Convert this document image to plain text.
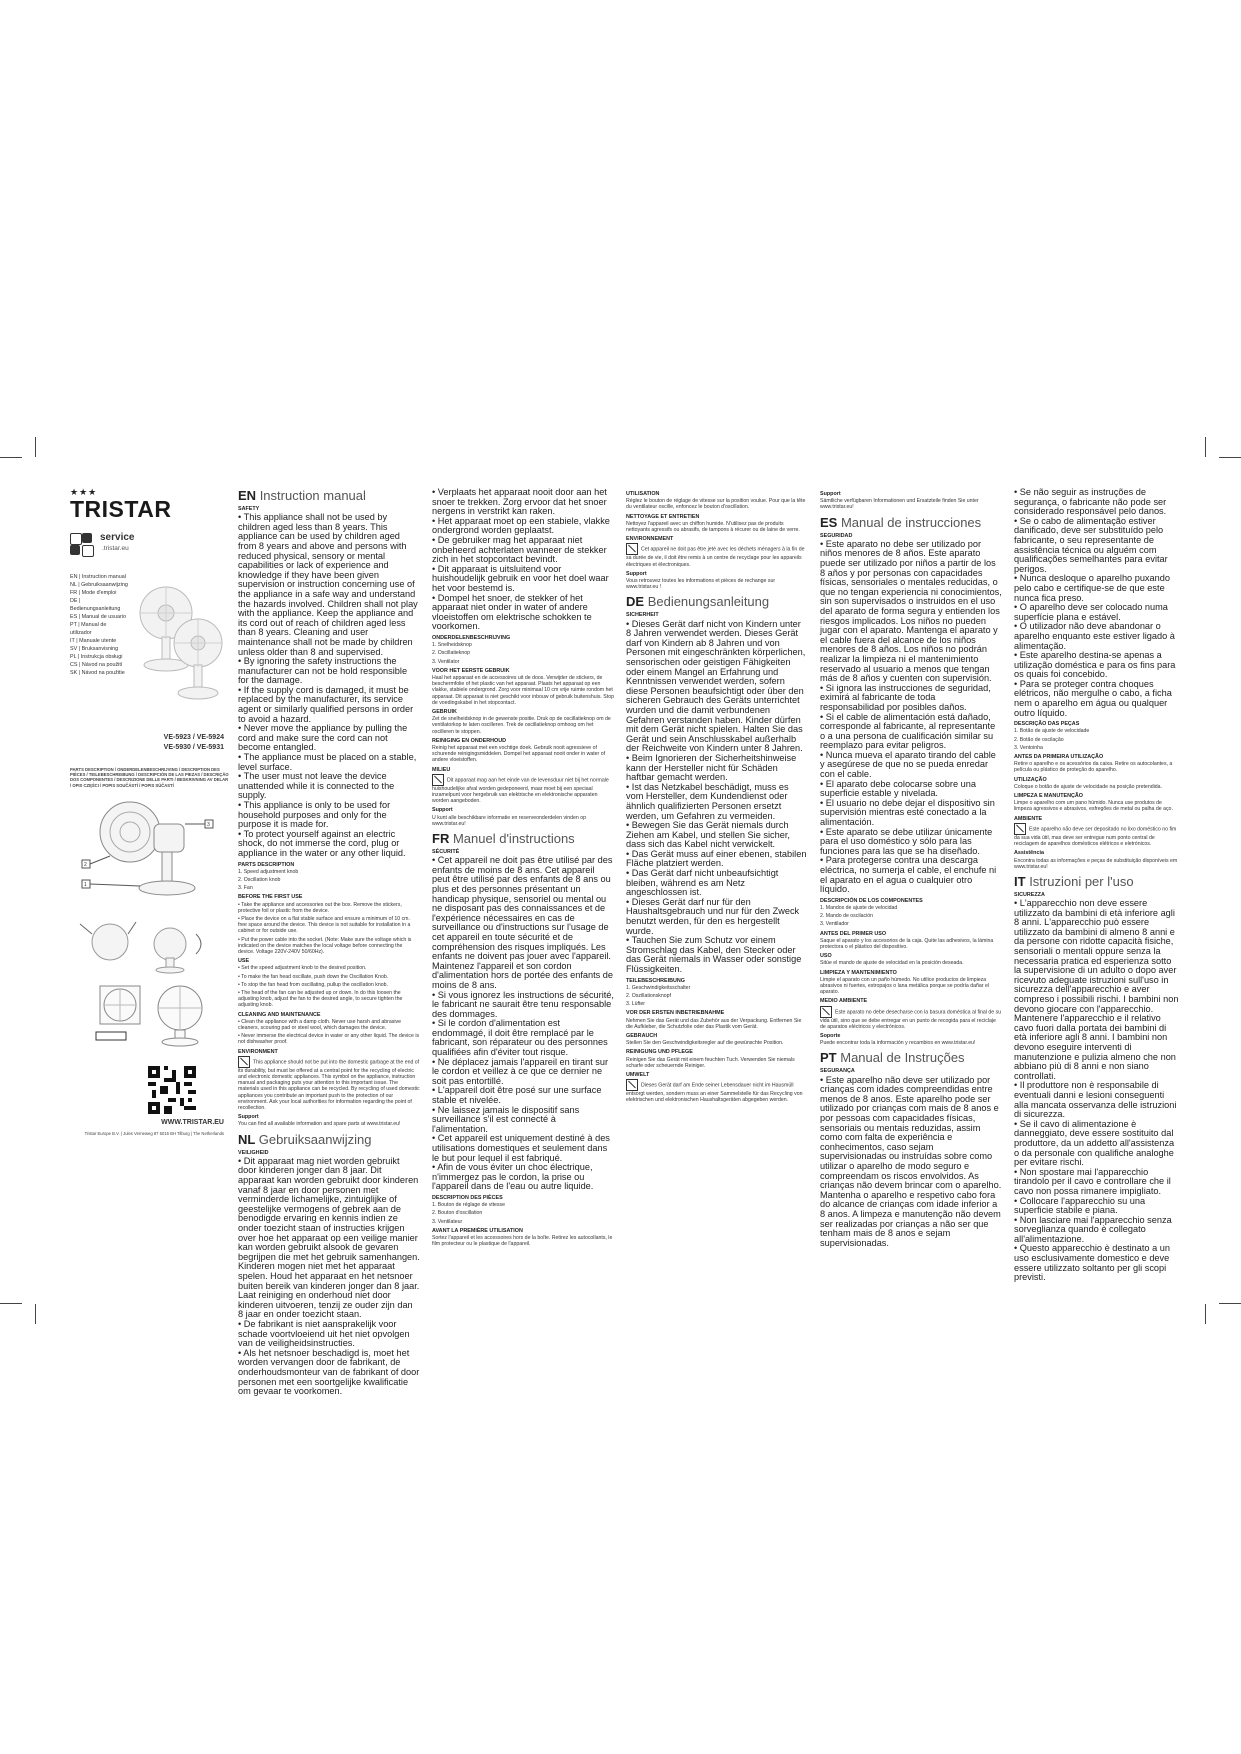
★★★
TRISTAR
service
.tristar.eu
EN | Instruction manual
NL | Gebruiksaanwijzing
FR | Mode d'emploi
DE | Bedienungsanleitung
ES | Manual de usuario
PT | Manual de utilizador
IT | Manuale utente
SV | Bruksanvisning
PL | Instrukcja obsługi
CS | Návod na použití
SK | Návod na použitie
VE-5923 / VE-5924
VE-5930 / VE-5931
PARTS DESCRIPTION / ONDERDELENBESCHRIJVING / DESCRIPTION DES PIÈCES / TEILEBESCHREIBUNG / DESCRIPCIÓN DE LAS PIEZAS / DESCRIÇÃO DOS COMPONENTES / DESCRIZIONE DELLE PARTI / BESKRIVNING AV DELAR / OPIS CZĘŚCI / POPIS SOUČÁSTÍ / POPIS SÚČASTÍ
3
2
1

WWW.TRISTAR.EU
Tristar Europe B.V. | Jules Verneweg 87 5015 BH Tilburg | The Netherlands
EN Instruction manual
SAFETY

• This appliance shall not be used by children aged less than 8 years. This appliance can be used by children aged from 8 years and above and persons with reduced physical, sensory or mental capabilities or lack of experience and knowledge if they have been given supervision or instruction concerning use of the appliance in a safe way and understand the hazards involved. Children shall not play with the appliance. Keep the appliance and its cord out of reach of children aged less than 8 years. Cleaning and user maintenance shall not be made by children unless older than 8 and supervised.

• By ignoring the safety instructions the manufacturer can not be hold responsible for the damage.

• If the supply cord is damaged, it must be replaced by the manufacturer, its service agent or similarly qualified persons in order to avoid a hazard.

• Never move the appliance by pulling the cord and make sure the cord can not become entangled.

• The appliance must be placed on a stable, level surface.

• The user must not leave the device unattended while it is connected to the supply.

• This appliance is only to be used for household purposes and only for the purpose it is made for.

• To protect yourself against an electric shock, do not immerse the cord, plug or appliance in the water or any other liquid.

PARTS DESCRIPTION

1. Speed adjustment knob

2. Oscillation knob

3. Fan

BEFORE THE FIRST USE

• Take the appliance and accessories out the box. Remove the stickers, protective foil or plastic from the device.

• Place the device on a flat stable surface and ensure a minimum of 10 cm. free space around the device. This device is not suitable for installation in a cabinet or for outside use.

• Put the power cable into the socket. (Note: Make sure the voltage which is indicated on the device matches the local voltage before connecting the device. Voltage 220V-240V 50/60Hz).

USE

• Set the speed adjustment knob to the desired position.

• To make the fan head oscillate, push down the Oscillation Knob.

• To stop the fan head from oscillating, pullup the oscillation knob.

• The head of the fan can be adjusted up or down. In do this loosen the adjusting knob, adjust the fan to the desired angle, to secure tighten the adjusting knob.

CLEANING AND MAINTENANCE

• Clean the appliance with a damp cloth. Never use harsh and abrasive cleaners, scouring pad or steel wool, which damages the device.

• Never immerse the electrical device in water or any other liquid. The device is not dishwasher proof.

ENVIRONMENT

This appliance should not be put into the domestic garbage at the end of its durability, but must be offered at a central point for the recycling of electric and electronic domestic appliances. This symbol on the appliance, instruction manual and packaging puts your attention to this important issue. The materials used in this appliance can be recycled. By recycling of used domestic appliances you contribute an important push to the protection of our environment. Ask your local authorities for information regarding the point of recollection.

Support

You can find all available information and spare parts at www.tristar.eu!

NL Gebruiksaanwijzing
VEILIGHEID

• Dit apparaat mag niet worden gebruikt door kinderen jonger dan 8 jaar. Dit apparaat kan worden gebruikt door kinderen vanaf 8 jaar en door personen met verminderde lichamelijke, zintuiglijke of geestelijke vermogens of gebrek aan de benodigde ervaring en kennis indien ze onder toezicht staan of instructies krijgen over hoe het apparaat op een veilige manier kan worden gebruikt alsook de gevaren begrijpen die met het gebruik samenhangen. Kinderen mogen niet met het apparaat spelen. Houd het apparaat en het netsnoer buiten bereik van kinderen jonger dan 8 jaar. Laat reiniging en onderhoud niet door kinderen uitvoeren, tenzij ze ouder zijn dan 8 jaar en onder toezicht staan.

• De fabrikant is niet aansprakelijk voor schade voortvloeiend uit het niet opvolgen van de veiligheidsinstructies.

• Als het netsnoer beschadigd is, moet het worden vervangen door de fabrikant, de onderhoudsmonteur van de fabrikant of door personen met een soortgelijke kwalificatie om gevaar te voorkomen.

• Verplaats het apparaat nooit door aan het snoer te trekken. Zorg ervoor dat het snoer nergens in verstrikt kan raken.

• Het apparaat moet op een stabiele, vlakke ondergrond worden geplaatst.

• De gebruiker mag het apparaat niet onbeheerd achterlaten wanneer de stekker zich in het stopcontact bevindt.

• Dit apparaat is uitsluitend voor huishoudelijk gebruik en voor het doel waar het voor bestemd is.

• Dompel het snoer, de stekker of het apparaat niet onder in water of andere vloeistoffen om elektrische schokken te voorkomen.

ONDERDELENBESCHRIJVING

1. Snelheidsknop

2. Oscillatieknop

3. Ventilator

VOOR HET EERSTE GEBRUIK

Haal het apparaat en de accessoires uit de doos. Verwijder de stickers, de beschermfolie of het plastic van het apparaat. Plaats het apparaat op een vlakke, stabiele ondergrond. Zorg voor minimaal 10 cm vrije ruimte rondom het apparaat. Dit apparaat is niet geschikt voor inbouw of gebruik buitenshuis. Stop de voedingskabel in het stopcontact.

GEBRUIK

Zet de snelheidsknop in de gewenste positie. Druk op de oscillatieknop om de ventilatorkop te laten oscilleren. Trek de oscillatieknop omhoog om het oscilleren te stoppen.

REINIGING EN ONDERHOUD

Reinig het apparaat met een vochtige doek. Gebruik nooit agressieve of schurende reinigingsmiddelen. Dompel het apparaat nooit onder in water of andere vloeistoffen.

MILIEU

Dit apparaat mag aan het einde van de levensduur niet bij het normale huishoudelijke afval worden gedeponeerd, maar moet bij een speciaal inzamelpunt voor hergebruik van elektrische en elektronische apparaten worden aangeboden.

Support

U kunt alle beschikbare informatie en reserveonderdelen vinden op www.tristar.eu!

FR Manuel d'instructions
SÉCURITÉ

• Cet appareil ne doit pas être utilisé par des enfants de moins de 8 ans. Cet appareil peut être utilisé par des enfants de 8 ans ou plus et des personnes présentant un handicap physique, sensoriel ou mental ou ne disposant pas des connaissances et de l'expérience nécessaires en cas de surveillance ou d'instructions sur l'usage de cet appareil en toute sécurité et de compréhension des risques impliqués. Les enfants ne doivent pas jouer avec l'appareil. Maintenez l'appareil et son cordon d'alimentation hors de portée des enfants de moins de 8 ans.

• Si vous ignorez les instructions de sécurité, le fabricant ne saurait être tenu responsable des dommages.

• Si le cordon d'alimentation est endommagé, il doit être remplacé par le fabricant, son réparateur ou des personnes qualifiées afin d'éviter tout risque.

• Ne déplacez jamais l'appareil en tirant sur le cordon et veillez à ce que ce dernier ne soit pas entortillé.

• L'appareil doit être posé sur une surface stable et nivelée.

• Ne laissez jamais le dispositif sans surveillance s'il est connecté à l'alimentation.

• Cet appareil est uniquement destiné à des utilisations domestiques et seulement dans le but pour lequel il est fabriqué.

• Afin de vous éviter un choc électrique, n'immergez pas le cordon, la prise ou l'appareil dans de l'eau ou autre liquide.

DESCRIPTION DES PIÈCES

1. Bouton de réglage de vitesse

2. Bouton d'oscillation

3. Ventilateur

AVANT LA PREMIÈRE UTILISATION

Sortez l'appareil et les accessoires hors de la boîte. Retirez les autocollants, le film protecteur ou le plastique de l'appareil.

UTILISATION

Réglez le bouton de réglage de vitesse sur la position voulue. Pour que la tête du ventilateur oscille, enfoncez le bouton d'oscillation.

NETTOYAGE ET ENTRETIEN

Nettoyez l'appareil avec un chiffon humide. N'utilisez pas de produits nettoyants agressifs ou abrasifs, de tampons à récurer ou de laine de verre.

ENVIRONNEMENT

Cet appareil ne doit pas être jeté avec les déchets ménagers à la fin de sa durée de vie, il doit être remis à un centre de recyclage pour les appareils électriques et électroniques.

Support

Vous retrouvez toutes les informations et pièces de rechange sur www.tristar.eu !

DE Bedienungsanleitung
SICHERHEIT

• Dieses Gerät darf nicht von Kindern unter 8 Jahren verwendet werden. Dieses Gerät darf von Kindern ab 8 Jahren und von Personen mit eingeschränkten körperlichen, sensorischen oder geistigen Fähigkeiten oder einem Mangel an Erfahrung und Kenntnissen verwendet werden, sofern diese Personen beaufsichtigt oder über den sicheren Gebrauch des Geräts unterrichtet wurden und die damit verbundenen Gefahren verstanden haben. Kinder dürfen mit dem Gerät nicht spielen. Halten Sie das Gerät und sein Anschlusskabel außerhalb der Reichweite von Kindern unter 8 Jahren.

• Beim Ignorieren der Sicherheitshinweise kann der Hersteller nicht für Schäden haftbar gemacht werden.

• Ist das Netzkabel beschädigt, muss es vom Hersteller, dem Kundendienst oder ähnlich qualifizierten Personen ersetzt werden, um Gefahren zu vermeiden.

• Bewegen Sie das Gerät niemals durch Ziehen am Kabel, und stellen Sie sicher, dass sich das Kabel nicht verwickelt.

• Das Gerät muss auf einer ebenen, stabilen Fläche platziert werden.

• Das Gerät darf nicht unbeaufsichtigt bleiben, während es am Netz angeschlossen ist.

• Dieses Gerät darf nur für den Haushaltsgebrauch und nur für den Zweck benutzt werden, für den es hergestellt wurde.

• Tauchen Sie zum Schutz vor einem Stromschlag das Kabel, den Stecker oder das Gerät niemals in Wasser oder sonstige Flüssigkeiten.

TEILEBESCHREIBUNG

1. Geschwindigkeitsschalter

2. Oszillationsknopf

3. Lüfter

VOR DER ERSTEN INBETRIEBNAHME

Nehmen Sie das Gerät und das Zubehör aus der Verpackung. Entfernen Sie die Aufkleber, die Schutzfolie oder das Plastik vom Gerät.

GEBRAUCH

Stellen Sie den Geschwindigkeitsregler auf die gewünschte Position.

REINIGUNG UND PFLEGE

Reinigen Sie das Gerät mit einem feuchten Tuch. Verwenden Sie niemals scharfe oder scheuernde Reiniger.

UMWELT

Dieses Gerät darf am Ende seiner Lebensdauer nicht im Hausmüll entsorgt werden, sondern muss an einer Sammelstelle für das Recycling von elektrischen und elektronischen Haushaltsgeräten abgegeben werden.

Support

Sämtliche verfügbaren Informationen und Ersatzteile finden Sie unter www.tristar.eu!

ES Manual de instrucciones
SEGURIDAD

• Este aparato no debe ser utilizado por niños menores de 8 años. Este aparato puede ser utilizado por niños a partir de los 8 años y por personas con capacidades físicas, sensoriales o mentales reducidas, o que no tengan experiencia ni conocimientos, sin son supervisados o instruidos en el uso del aparato de forma segura y entienden los riesgos implicados. Los niños no pueden jugar con el aparato. Mantenga el aparato y el cable fuera del alcance de los niños menores de 8 años. Los niños no podrán realizar la limpieza ni el mantenimiento reservado al usuario a menos que tengan más de 8 años y cuenten con supervisión.

• Si ignora las instrucciones de seguridad, eximirá al fabricante de toda responsabilidad por posibles daños.

• Si el cable de alimentación está dañado, corresponde al fabricante, al representante o a una persona de cualificación similar su reemplazo para evitar peligros.

• Nunca mueva el aparato tirando del cable y asegúrese de que no se pueda enredar con el cable.

• El aparato debe colocarse sobre una superficie estable y nivelada.

• El usuario no debe dejar el dispositivo sin supervisión mientras esté conectado a la alimentación.

• Este aparato se debe utilizar únicamente para el uso doméstico y sólo para las funciones para las que se ha diseñado.

• Para protegerse contra una descarga eléctrica, no sumerja el cable, el enchufe ni el aparato en el agua o cualquier otro líquido.

DESCRIPCIÓN DE LOS COMPONENTES

1. Mandos de ajuste de velocidad

2. Mando de oscilación

3. Ventilador

ANTES DEL PRIMER USO

Saque el aparato y los accesorios de la caja. Quite las adhesivos, la lámina protectora o el plástico del dispositivo.

USO

Sitúe el mando de ajuste de velocidad en la posición deseada.

LIMPIEZA Y MANTENIMIENTO

Limpie el aparato con un paño húmedo. No utilice productos de limpieza abrasivos ni fuertes, estropajos o lana metálica porque se podría dañar el aparato.

MEDIO AMBIENTE

Este aparato no debe desecharse con la basura doméstica al final de su vida útil, sino que se debe entregar en un punto de recogida para el reciclaje de aparatos eléctricos y electrónicos.

Soporte

Puede encontrar toda la información y recambios en www.tristar.eu!

PT Manual de Instruções
SEGURANÇA

• Este aparelho não deve ser utilizado por crianças com idades compreendidas entre menos de 8 anos. Este aparelho pode ser utilizado por crianças com mais de 8 anos e por pessoas com capacidades físicas, sensoriais ou mentais reduzidas, assim como com falta de experiência e conhecimentos, caso sejam supervisionadas ou instruídas sobre como utilizar o aparelho de modo seguro e compreendam os riscos envolvidos. As crianças não devem brincar com o aparelho. Mantenha o aparelho e respetivo cabo fora do alcance de crianças com idade inferior a 8 anos. A limpeza e manutenção não devem ser realizadas por crianças a não ser que tenham mais de 8 anos e sejam supervisionadas.

• Se não seguir as instruções de segurança, o fabricante não pode ser considerado responsável pelo danos.

• Se o cabo de alimentação estiver danificado, deve ser substituído pelo fabricante, o seu representante de assistência técnica ou alguém com qualificações semelhantes para evitar perigos.

• Nunca desloque o aparelho puxando pelo cabo e certifique-se de que este nunca fica preso.

• O aparelho deve ser colocado numa superfície plana e estável.

• O utilizador não deve abandonar o aparelho enquanto este estiver ligado à alimentação.

• Este aparelho destina-se apenas a utilização doméstica e para os fins para os quais foi concebido.

• Para se proteger contra choques elétricos, não mergulhe o cabo, a ficha nem o aparelho em água ou qualquer outro líquido.

DESCRIÇÃO DAS PEÇAS

1. Botão de ajuste de velocidade

2. Botão de oscilação

3. Ventoinha

ANTES DA PRIMEIRA UTILIZAÇÃO

Retire o aparelho e os acessórios da caixa. Retire os autocolantes, a película ou plástico de proteção do aparelho.

UTILIZAÇÃO

Coloque o botão de ajuste de velocidade na posição pretendida.

LIMPEZA E MANUTENÇÃO

Limpe o aparelho com um pano húmido. Nunca use produtos de limpeza agressivos e abrasivos, esfregões de metal ou palha de aço.

AMBIENTE

Este aparelho não deve ser depositado no lixo doméstico no fim da sua vida útil, mas deve ser entregue num ponto central de reciclagem de aparelhos domésticos elétricos e eletrónicos.

Assistência

Encontra todas as informações e peças de substituição disponíveis em www.tristar.eu!

IT Istruzioni per l'uso
SICUREZZA

• L'apparecchio non deve essere utilizzato da bambini di età inferiore agli 8 anni. L'apparecchio può essere utilizzato da bambini di almeno 8 anni e da persone con ridotte capacità fisiche, sensoriali o mentali oppure senza la necessaria pratica ed esperienza sotto la supervisione di un adulto o dopo aver ricevuto adeguate istruzioni sull'uso in sicurezza dell'apparecchio e aver compreso i possibili rischi. I bambini non devono giocare con l'apparecchio. Mantenere l'apparecchio e il relativo cavo fuori dalla portata dei bambini di età inferiore agli 8 anni. I bambini non devono eseguire interventi di manutenzione e pulizia almeno che non abbiano più di 8 anni e non siano controllati.

• Il produttore non è responsabile di eventuali danni e lesioni conseguenti alla mancata osservanza delle istruzioni di sicurezza.

• Se il cavo di alimentazione è danneggiato, deve essere sostituito dal produttore, da un addetto all'assistenza o da personale con qualifiche analoghe per evitare rischi.

• Non spostare mai l'apparecchio tirandolo per il cavo e controllare che il cavo non possa rimanere impigliato.

• Collocare l'apparecchio su una superficie stabile e piana.

• Non lasciare mai l'apparecchio senza sorveglianza quando è collegato all'alimentazione.

• Questo apparecchio è destinato a un uso esclusivamente domestico e deve essere utilizzato soltanto per gli scopi previsti.
